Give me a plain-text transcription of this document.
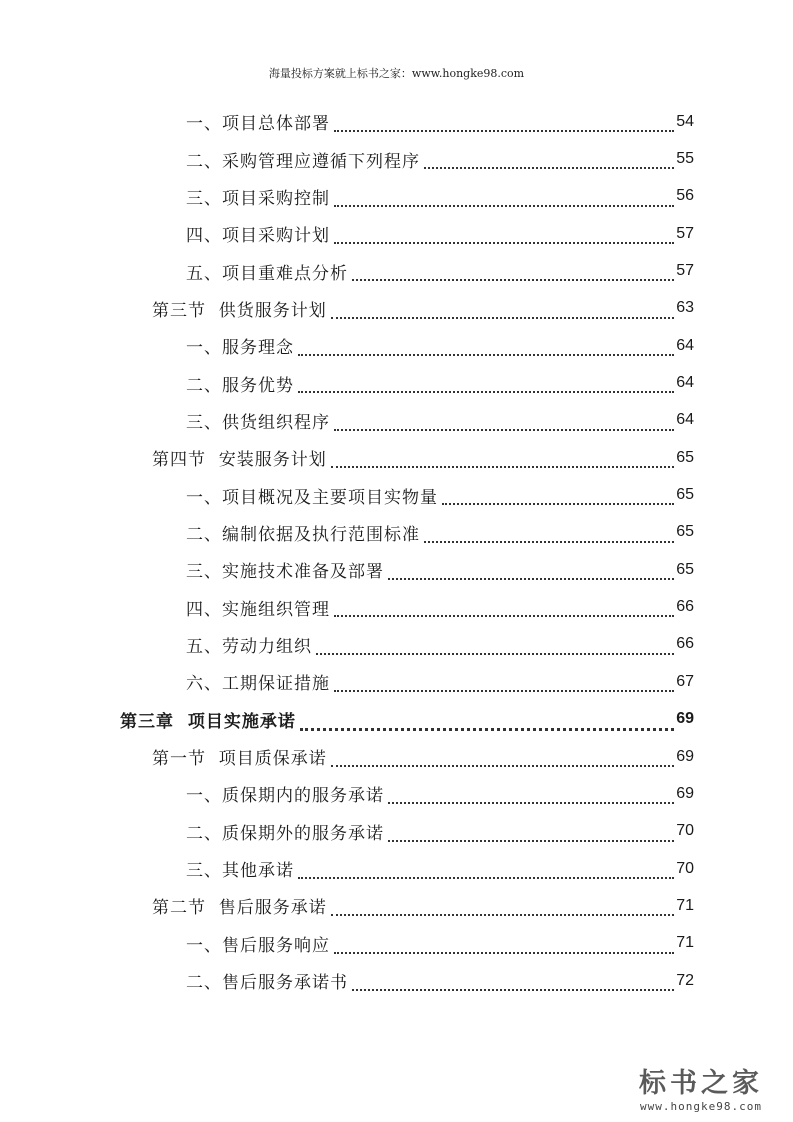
海量投标方案就上标书之家：www.hongke98.com
一、项目总体部署	54
二、采购管理应遵循下列程序	55
三、项目采购控制	56
四、项目采购计划	57
五、项目重难点分析	57
第三节  供货服务计划	63
一、服务理念	64
二、服务优势	64
三、供货组织程序	64
第四节  安装服务计划	65
一、项目概况及主要项目实物量	65
二、编制依据及执行范围标准	65
三、实施技术准备及部署	65
四、实施组织管理	66
五、劳动力组织	66
六、工期保证措施	67
第三章  项目实施承诺	69
第一节  项目质保承诺	69
一、质保期内的服务承诺	69
二、质保期外的服务承诺	70
三、其他承诺	70
第二节  售后服务承诺	71
一、售后服务响应	71
二、售后服务承诺书	72
标书之家
www.hongke98.com
